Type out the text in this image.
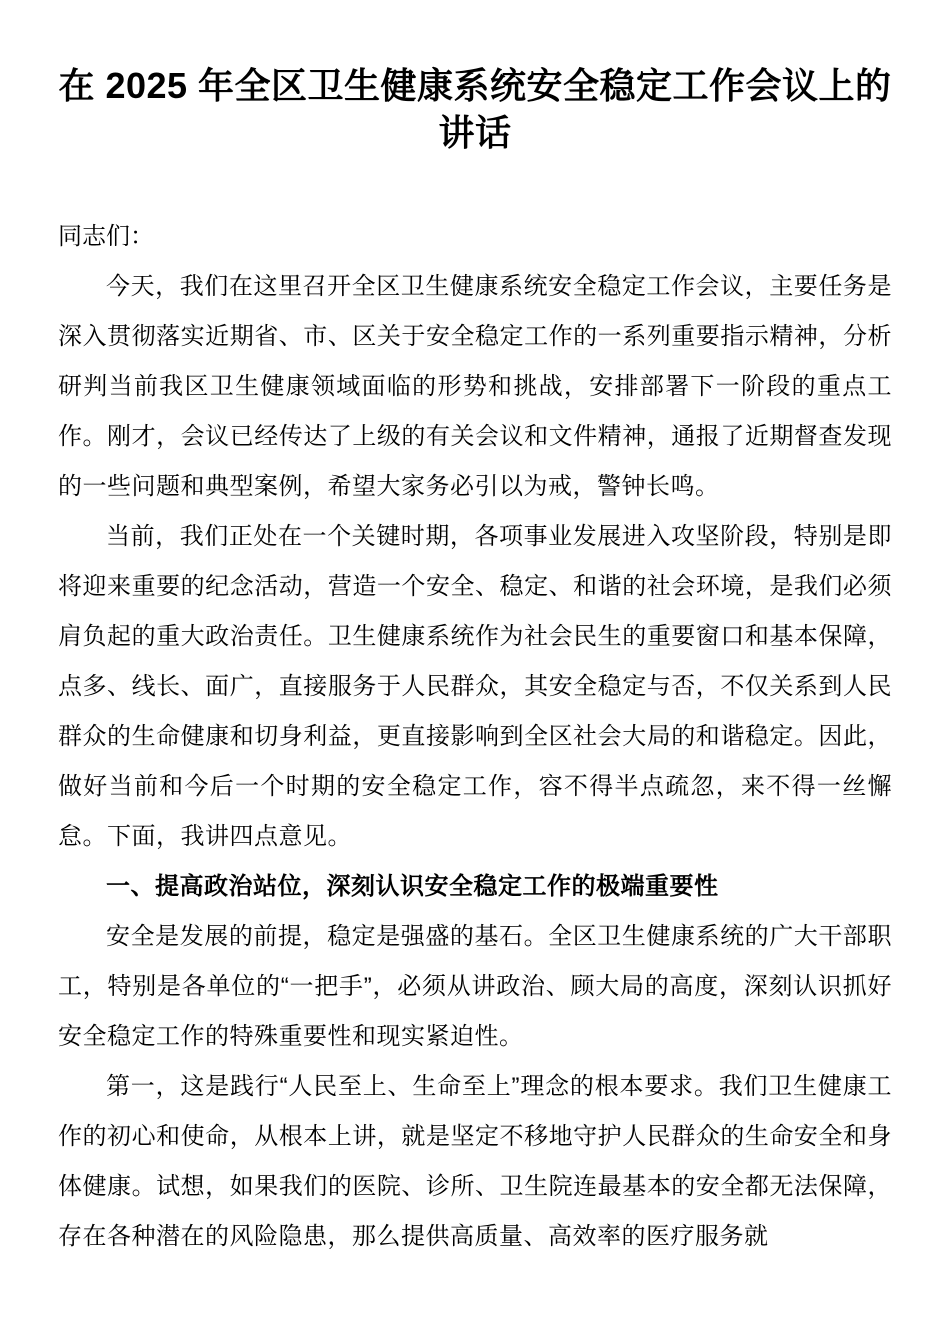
在 2025 年全区卫生健康系统安全稳定工作会议上的讲话

同志们：

今天，我们在这里召开全区卫生健康系统安全稳定工作会议，主要任务是深入贯彻落实近期省、市、区关于安全稳定工作的一系列重要指示精神，分析研判当前我区卫生健康领域面临的形势和挑战，安排部署下一阶段的重点工作。刚才，会议已经传达了上级的有关会议和文件精神，通报了近期督查发现的一些问题和典型案例，希望大家务必引以为戒，警钟长鸣。

当前，我们正处在一个关键时期，各项事业发展进入攻坚阶段，特别是即将迎来重要的纪念活动，营造一个安全、稳定、和谐的社会环境，是我们必须肩负起的重大政治责任。卫生健康系统作为社会民生的重要窗口和基本保障，点多、线长、面广，直接服务于人民群众，其安全稳定与否，不仅关系到人民群众的生命健康和切身利益，更直接影响到全区社会大局的和谐稳定。因此，做好当前和今后一个时期的安全稳定工作，容不得半点疏忽，来不得一丝懈怠。下面，我讲四点意见。

一、提高政治站位，深刻认识安全稳定工作的极端重要性

安全是发展的前提，稳定是强盛的基石。全区卫生健康系统的广大干部职工，特别是各单位的“一把手”，必须从讲政治、顾大局的高度，深刻认识抓好安全稳定工作的特殊重要性和现实紧迫性。

第一，这是践行“人民至上、生命至上”理念的根本要求。我们卫生健康工作的初心和使命，从根本上讲，就是坚定不移地守护人民群众的生命安全和身体健康。试想，如果我们的医院、诊所、卫生院连最基本的安全都无法保障，存在各种潜在的风险隐患，那么提供高质量、高效率的医疗服务就
